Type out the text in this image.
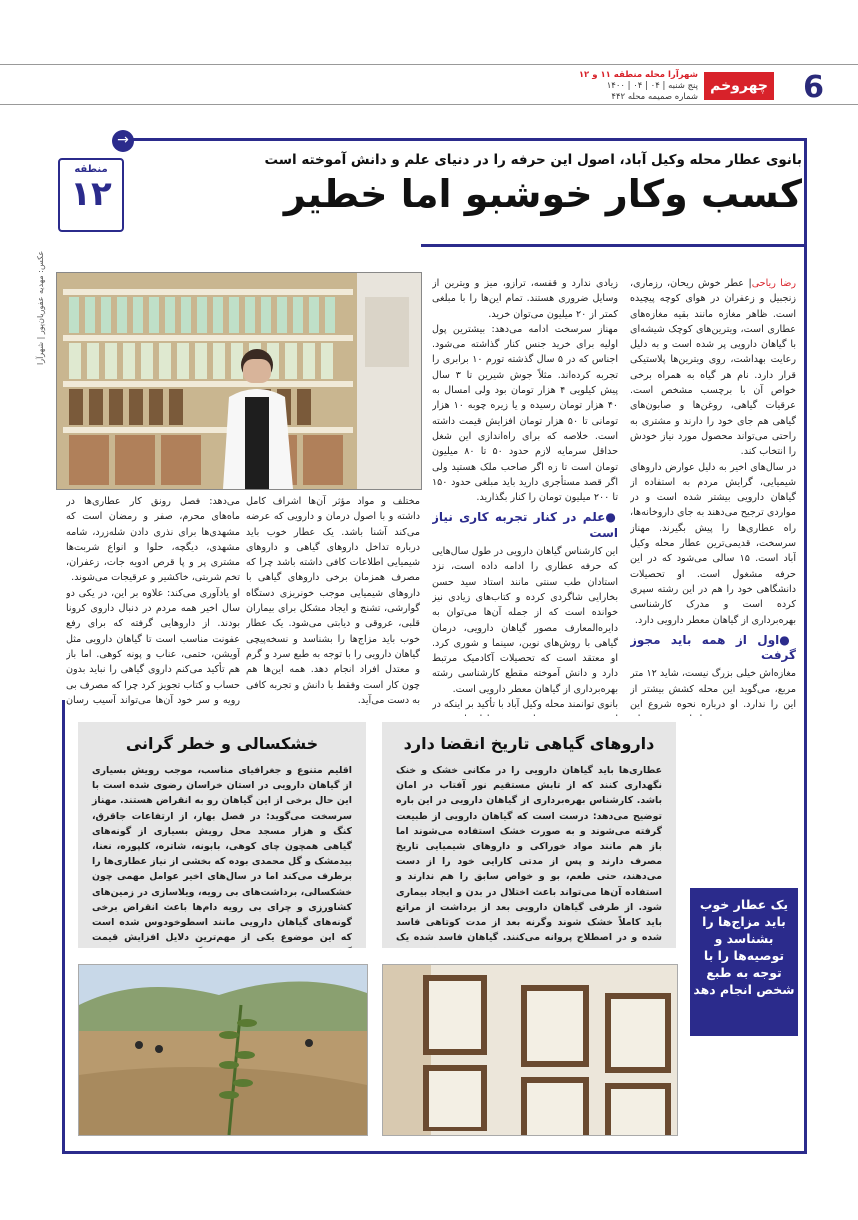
6
چهروخم
شهرآرا محله منطقه ۱۱ و ۱۲
پنج شنبه | ۰۴ | ۰۴ | ۱۴۰۰
شماره صمیمه محله ۴۴۲
→
منطقه
۱۲
بانوی عطار محله وکیل آباد، اصول این حرفه را در دنیای علم و دانش آموخته است
کسب وکار خوشبو اما خطیر

رضا ریاحی| عطر خوش ریحان، رزماری، زنجبیل و زعفران در هوای کوچه پیچیده است. ظاهر مغازه مانند بقیه مغازه‌های عطاری است، ویترین‌های کوچک شیشه‌ای با گیاهان دارویی پر شده است و به دلیل رعایت بهداشت، روی ویترین‌ها پلاستیکی قرار دارد. نام هر گیاه به همراه برخی خواص آن با برچسب مشخص است. عرقیات گیاهی، روغن‌ها و صابون‌های گیاهی هم جای خود را دارند و مشتری به راحتی می‌تواند محصول مورد نیاز خودش را انتخاب کند.

در سال‌های اخیر به دلیل عوارض داروهای شیمیایی، گرایش مردم به استفاده از گیاهان دارویی بیشتر شده است و در مواردی ترجیح می‌دهند به جای داروخانه‌ها، راه عطاری‌ها را پیش بگیرند. مهناز سرسخت، قدیمی‌ترین عطار محله وکیل آباد است. ۱۵ سالی می‌شود که در این حرفه مشغول است. او تحصیلات دانشگاهی خود را هم در این رشته سپری کرده است و مدرک کارشناسی بهره‌برداری از گیاهان معطر دارویی دارد.

●اول از همه باید مجوز گرفت

مغازه‌اش خیلی بزرگ نیست، شاید ۱۲ متر مربع، می‌گوید این محله کشش بیشتر از این را ندارد. او درباره نحوه شروع این

زیادی ندارد و قفسه، ترازو، میز و ویترین از وسایل ضروری هستند. تمام این‌ها را با مبلغی کمتر از ۲۰ میلیون می‌توان خرید.

مهناز سرسخت ادامه می‌دهد: بیشترین پول اولیه برای خرید جنس کنار گذاشته می‌شود. اجناس که در ۵ سال گذشته تورم ۱۰ برابری را تجربه کرده‌اند. مثلاً جوش شیرین تا ۳ سال پیش کیلویی ۴ هزار تومان بود ولی امسال به ۴۰ هزار تومان رسیده و یا زیره چوبه ۱۰ هزار تومانی تا ۵۰ هزار تومان افزایش قیمت داشته است. خلاصه که برای راه‌اندازی این شغل حداقل سرمایه لازم حدود ۵۰ تا ۸۰ میلیون تومان است تا زه اگر صاحب ملک هستید ولی اگر قصد مستأجری دارید باید مبلغی حدود ۱۵۰ تا ۲۰۰ میلیون تومان را کنار بگذارید.

●علم در کنار تجربه کاری نیاز است

این کارشناس گیاهان دارویی در طول سال‌هایی که حرفه عطاری را ادامه داده است، نزد استادان طب سنتی مانند استاد سید حسن بخارایی شاگردی کرده و کتاب‌های زیادی نیز خوانده است که از جمله آن‌ها می‌توان به دایره‌المعارف مصور گیاهان دارویی، درمان گیاهی با روش‌های نوین، سینما و شوری کرد. او معتقد است که تحصیلات آکادمیک مرتبط دارد و دانش آموخته مقطع کارشناسی رشته بهره‌برداری از گیاهان معطر دارویی است.

بانوی توانمند محله وکیل آباد با تأکید بر اینکه در

عکس: مهدیه عفوریان‌پور | شهرآرا

مختلف و مواد مؤثر آن‌ها اشراف کامل داشته و با اصول درمان و دارویی که عرضه می‌کند آشنا باشد. یک عطار خوب باید درباره تداخل داروهای گیاهی و داروهای شیمیایی اطلاعات کافی داشته باشد چرا که مصرف همزمان برخی داروهای گیاهی با داروهای شیمیایی موجب خونریزی دستگاه گوارشی، تشنج و ایجاد مشکل برای بیماران قلبی، عروقی و دیابتی می‌شود. یک عطار خوب باید مزاج‌ها را بشناسد و نسخه‌پیچی گیاهان دارویی را با توجه به طبع سرد و گرم و معتدل افراد انجام دهد. همه این‌ها هم چون کار است وفقط با دانش و تجربه کافی به دست می‌آید.

می‌دهد: فصل رونق کار عطاری‌ها در ماه‌های محرم، صفر و رمضان است که مشهدی‌ها برای نذری دادن شله‌زرد، شامه مشهدی، دیگچه، حلوا و انواع شربت‌ها مشتری پر و پا قرص ادویه جات، زعفران، تخم شربتی، خاکشیر و عرقیجات می‌شوند.

او یادآوری می‌کند: علاوه بر این، در یکی دو سال اخیر همه مردم در دنبال داروی کرونا بودند. از داروهایی گرفته که برای رفع عفونت مناسب است تا گیاهان دارویی مثل آویشن، حتمی، عناب و پونه کوهی. اما باز هم تأکید می‌کنم داروی گیاهی را نباید بدون حساب و کتاب تجویز کرد چرا که مصرف بی رویه و سر خود آن‌ها می‌تواند آسیب رسان

داروهای گیاهی تاریخ انقضا دارد
عطاری‌ها باید گیاهان دارویی را در مکانی خشک و خنک نگهداری کنند که از تابش مستقیم نور آفتاب در امان باشد. کارشناس بهره‌برداری از گیاهان دارویی در این باره توضیح می‌دهد: درست است که گیاهان دارویی از طبیعت گرفته می‌شوند و به صورت خشک استفاده می‌شوند اما باز هم مانند مواد خوراکی و داروهای شیمیایی تاریخ مصرف دارند و پس از مدتی کارایی خود را از دست می‌دهند، حتی طعم، بو و خواص سابق را هم ندارند و استفاده آن‌ها می‌تواند باعث اختلال در بدن و ایجاد بیماری شود. از طرفی گیاهان دارویی بعد از برداشت از مراتع باید کاملاً خشک شوند وگرنه بعد از مدت کوتاهی فاسد شده و در اصطلاح پروانه می‌کنند. گیاهان فاسد شده یک
خشکسالی و خطر گرانی
اقلیم متنوع و جغرافیای مناسب، موجب رویش بسیاری از گیاهان دارویی در استان خراسان رضوی شده است با این حال برخی از این گیاهان رو به انقراض هستند. مهناز سرسخت می‌گوید: در فصل بهار، از ارتفاعات جاقرق، کنگ و هزار مسجد محل رویش بسیاری از گونه‌های گیاهی همچون چای کوهی، بابونه، شاتره، کلپوره، نعنا، بیدمشک و گل محمدی بوده که بخشی از نیاز عطاری‌ها را برطرف می‌کند اما در سال‌های اخیر عوامل مهمی چون خشکسالی، برداشت‌های بی رویه، ویلاسازی در زمین‌های کشاورزی و چرای بی رویه دام‌ها باعث انقراض برخی گونه‌های گیاهان دارویی مانند اسطوخودوس شده است که این موضوع یکی از مهم‌ترین دلایل افزایش قیمت
یک عطار خوب باید مزاج‌ها را بشناسد و توصیه‌ها را با توجه به طبع شخص انجام دهد
